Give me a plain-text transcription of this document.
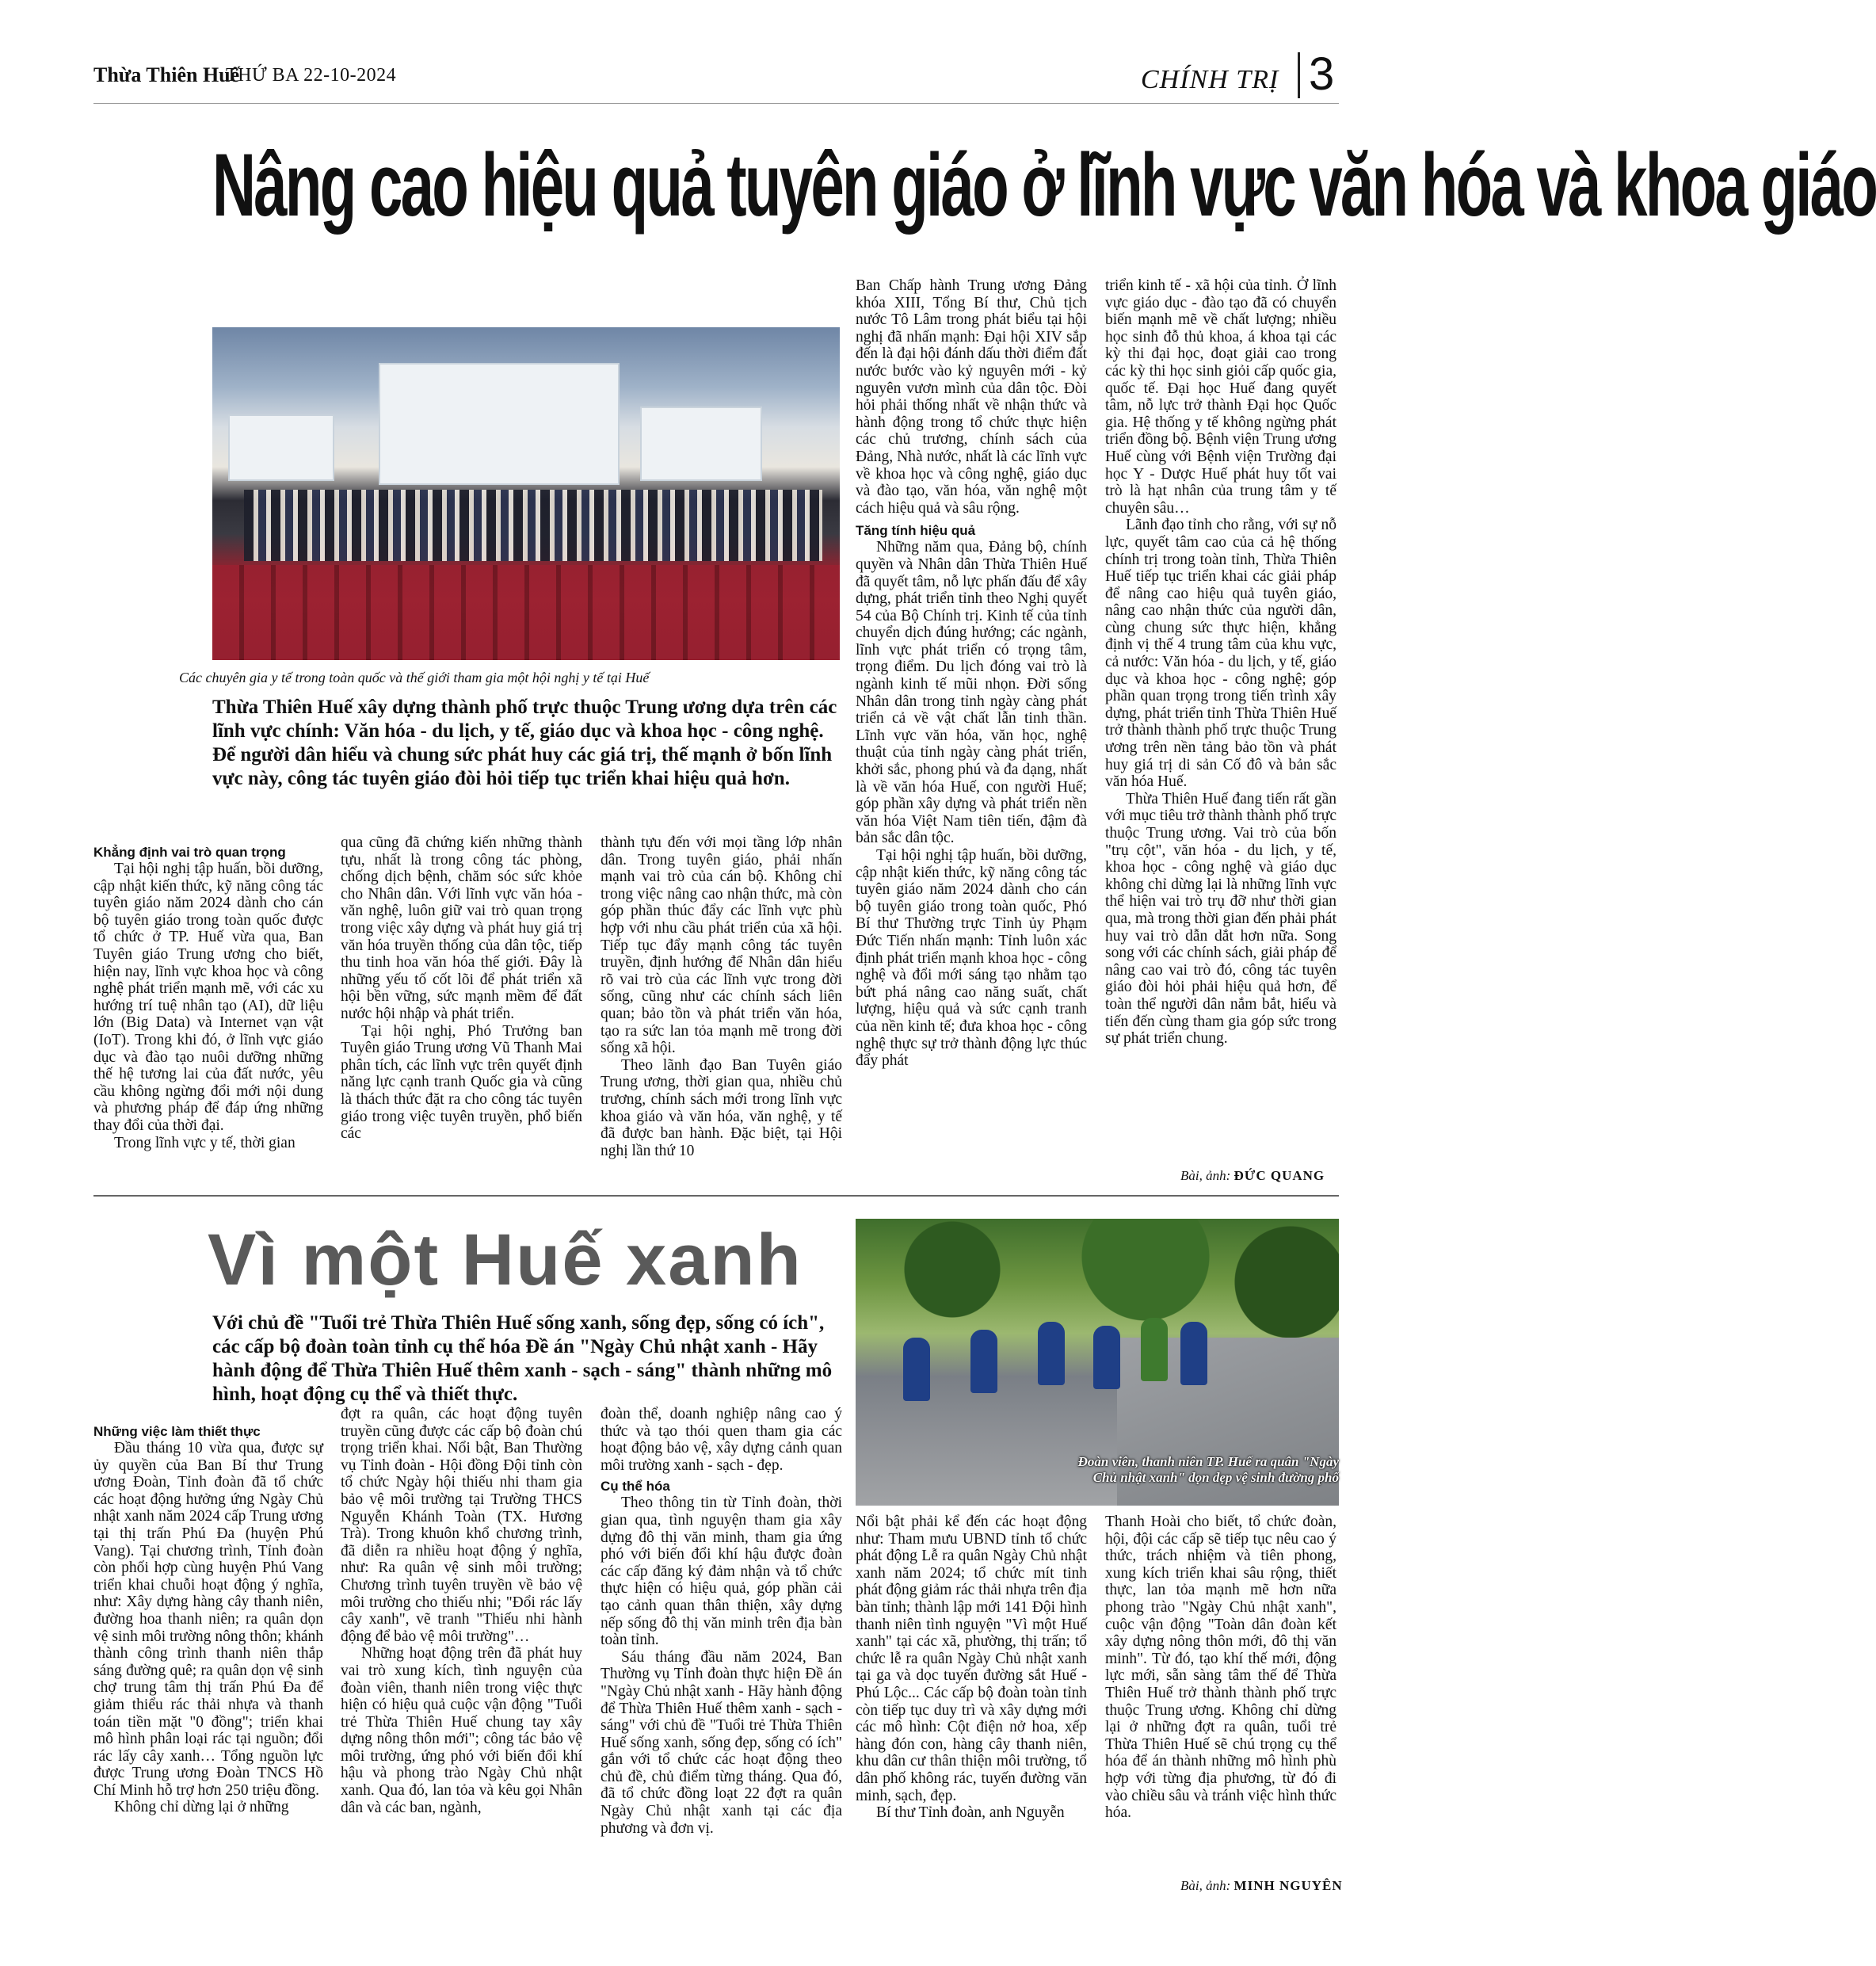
Thừa Thiên Huế
THỨ BA 22-10-2024	CHÍNH TRỊ 3
Nâng cao hiệu quả tuyên giáo ở lĩnh vực văn hóa và khoa giáo
Các chuyên gia y tế trong toàn quốc và thế giới tham gia một hội nghị y tế tại Huế
Thừa Thiên Huế xây dựng thành phố trực thuộc Trung ương dựa trên các lĩnh vực chính: Văn hóa - du lịch, y tế, giáo dục và khoa học - công nghệ. Để người dân hiểu và chung sức phát huy các giá trị, thế mạnh ở bốn lĩnh vực này, công tác tuyên giáo đòi hỏi tiếp tục triển khai hiệu quả hơn.
Khẳng định vai trò quan trọng

Tại hội nghị tập huấn, bồi dưỡng, cập nhật kiến thức, kỹ năng công tác tuyên giáo năm 2024 dành cho cán bộ tuyên giáo trong toàn quốc được tổ chức ở TP. Huế vừa qua, Ban Tuyên giáo Trung ương cho biết, hiện nay, lĩnh vực khoa học và công nghệ phát triển mạnh mẽ, với các xu hướng trí tuệ nhân tạo (AI), dữ liệu lớn (Big Data) và Internet vạn vật (IoT). Trong khi đó, ở lĩnh vực giáo dục và đào tạo nuôi dưỡng những thế hệ tương lai của đất nước, yêu cầu không ngừng đổi mới nội dung và phương pháp để đáp ứng những thay đổi của thời đại.

Trong lĩnh vực y tế, thời gian

qua cũng đã chứng kiến những thành tựu, nhất là trong công tác phòng, chống dịch bệnh, chăm sóc sức khỏe cho Nhân dân. Với lĩnh vực văn hóa - văn nghệ, luôn giữ vai trò quan trọng trong việc xây dựng và phát huy giá trị văn hóa truyền thống của dân tộc, tiếp thu tinh hoa văn hóa thế giới. Đây là những yếu tố cốt lõi để phát triển xã hội bền vững, sức mạnh mềm để đất nước hội nhập và phát triển.

Tại hội nghị, Phó Trưởng ban Tuyên giáo Trung ương Vũ Thanh Mai phân tích, các lĩnh vực trên quyết định năng lực cạnh tranh Quốc gia và cũng là thách thức đặt ra cho công tác tuyên giáo trong việc tuyên truyền, phổ biến các

thành tựu đến với mọi tầng lớp nhân dân. Trong tuyên giáo, phải nhấn mạnh vai trò của cán bộ. Không chỉ trong việc nâng cao nhận thức, mà còn góp phần thúc đẩy các lĩnh vực phù hợp với nhu cầu phát triển của xã hội. Tiếp tục đẩy mạnh công tác tuyên truyền, định hướng để Nhân dân hiểu rõ vai trò của các lĩnh vực trong đời sống, cũng như các chính sách liên quan; bảo tồn và phát triển văn hóa, tạo ra sức lan tỏa mạnh mẽ trong đời sống xã hội.

Theo lãnh đạo Ban Tuyên giáo Trung ương, thời gian qua, nhiều chủ trương, chính sách mới trong lĩnh vực khoa giáo và văn hóa, văn nghệ, y tế đã được ban hành. Đặc biệt, tại Hội nghị lần thứ 10

Ban Chấp hành Trung ương Đảng khóa XIII, Tổng Bí thư, Chủ tịch nước Tô Lâm trong phát biểu tại hội nghị đã nhấn mạnh: Đại hội XIV sắp đến là đại hội đánh dấu thời điểm đất nước bước vào kỷ nguyên mới - kỷ nguyên vươn mình của dân tộc. Đòi hỏi phải thống nhất về nhận thức và hành động trong tổ chức thực hiện các chủ trương, chính sách của Đảng, Nhà nước, nhất là các lĩnh vực về khoa học và công nghệ, giáo dục và đào tạo, văn hóa, văn nghệ một cách hiệu quả và sâu rộng.

Tăng tính hiệu quả

Những năm qua, Đảng bộ, chính quyền và Nhân dân Thừa Thiên Huế đã quyết tâm, nỗ lực phấn đấu để xây dựng, phát triển tỉnh theo Nghị quyết 54 của Bộ Chính trị. Kinh tế của tỉnh chuyển dịch đúng hướng; các ngành, lĩnh vực phát triển có trọng tâm, trọng điểm. Du lịch đóng vai trò là ngành kinh tế mũi nhọn. Đời sống Nhân dân trong tỉnh ngày càng phát triển cả về vật chất lẫn tinh thần. Lĩnh vực văn hóa, văn học, nghệ thuật của tỉnh ngày càng phát triển, khởi sắc, phong phú và đa dạng, nhất là về văn hóa Huế, con người Huế; góp phần xây dựng và phát triển nền văn hóa Việt Nam tiên tiến, đậm đà bản sắc dân tộc.

Tại hội nghị tập huấn, bồi dưỡng, cập nhật kiến thức, kỹ năng công tác tuyên giáo năm 2024 dành cho cán bộ tuyên giáo trong toàn quốc, Phó Bí thư Thường trực Tỉnh ủy Phạm Đức Tiến nhấn mạnh: Tỉnh luôn xác định phát triển mạnh khoa học - công nghệ và đổi mới sáng tạo nhằm tạo bứt phá nâng cao năng suất, chất lượng, hiệu quả và sức cạnh tranh của nền kinh tế; đưa khoa học - công nghệ thực sự trở thành động lực thúc đẩy phát

triển kinh tế - xã hội của tỉnh. Ở lĩnh vực giáo dục - đào tạo đã có chuyển biến mạnh mẽ về chất lượng; nhiều học sinh đỗ thủ khoa, á khoa tại các kỳ thi đại học, đoạt giải cao trong các kỳ thi học sinh giỏi cấp quốc gia, quốc tế. Đại học Huế đang quyết tâm, nỗ lực trở thành Đại học Quốc gia. Hệ thống y tế không ngừng phát triển đồng bộ. Bệnh viện Trung ương Huế cùng với Bệnh viện Trường đại học Y - Dược Huế phát huy tốt vai trò là hạt nhân của trung tâm y tế chuyên sâu…

Lãnh đạo tỉnh cho rằng, với sự nỗ lực, quyết tâm cao của cả hệ thống chính trị trong toàn tỉnh, Thừa Thiên Huế tiếp tục triển khai các giải pháp để nâng cao hiệu quả tuyên giáo, nâng cao nhận thức của người dân, cùng chung sức thực hiện, khẳng định vị thế 4 trung tâm của khu vực, cả nước: Văn hóa - du lịch, y tế, giáo dục và khoa học - công nghệ; góp phần quan trọng trong tiến trình xây dựng, phát triển tỉnh Thừa Thiên Huế trở thành thành phố trực thuộc Trung ương trên nền tảng bảo tồn và phát huy giá trị di sản Cố đô và bản sắc văn hóa Huế.

Thừa Thiên Huế đang tiến rất gần với mục tiêu trở thành thành phố trực thuộc Trung ương. Vai trò của bốn "trụ cột", văn hóa - du lịch, y tế, khoa học - công nghệ và giáo dục không chỉ dừng lại là những lĩnh vực thể hiện vai trò trụ đỡ như thời gian qua, mà trong thời gian đến phải phát huy vai trò dẫn dắt hơn nữa. Song song với các chính sách, giải pháp để nâng cao vai trò đó, công tác tuyên giáo đòi hỏi phải hiệu quả hơn, để toàn thể người dân nắm bắt, hiểu và tiến đến cùng tham gia góp sức trong sự phát triển chung.

Bài, ảnh: ĐỨC QUANG
Vì một Huế xanh
Với chủ đề "Tuổi trẻ Thừa Thiên Huế sống xanh, sống đẹp, sống có ích", các cấp bộ đoàn toàn tỉnh cụ thể hóa Đề án "Ngày Chủ nhật xanh - Hãy hành động để Thừa Thiên Huế thêm xanh - sạch - sáng" thành những mô hình, hoạt động cụ thể và thiết thực.
Đoàn viên, thanh niên TP. Huế ra quân "Ngày Chủ nhật xanh" dọn dẹp vệ sinh đường phố
Những việc làm thiết thực

Đầu tháng 10 vừa qua, được sự ủy quyền của Ban Bí thư Trung ương Đoàn, Tỉnh đoàn đã tổ chức các hoạt động hưởng ứng Ngày Chủ nhật xanh năm 2024 cấp Trung ương tại thị trấn Phú Đa (huyện Phú Vang). Tại chương trình, Tỉnh đoàn còn phối hợp cùng huyện Phú Vang triển khai chuỗi hoạt động ý nghĩa, như: Xây dựng hàng cây thanh niên, đường hoa thanh niên; ra quân dọn vệ sinh môi trường nông thôn; khánh thành công trình thanh niên thắp sáng đường quê; ra quân dọn vệ sinh chợ trung tâm thị trấn Phú Đa để giảm thiểu rác thải nhựa và thanh toán tiền mặt "0 đồng"; triển khai mô hình phân loại rác tại nguồn; đổi rác lấy cây xanh… Tổng nguồn lực được Trung ương Đoàn TNCS Hồ Chí Minh hỗ trợ hơn 250 triệu đồng.

Không chỉ dừng lại ở những

đợt ra quân, các hoạt động tuyên truyền cũng được các cấp bộ đoàn chú trọng triển khai. Nổi bật, Ban Thường vụ Tỉnh đoàn - Hội đồng Đội tỉnh còn tổ chức Ngày hội thiếu nhi tham gia bảo vệ môi trường tại Trường THCS Nguyễn Khánh Toàn (TX. Hương Trà). Trong khuôn khổ chương trình, đã diễn ra nhiều hoạt động ý nghĩa, như: Ra quân vệ sinh môi trường; Chương trình tuyên truyền về bảo vệ môi trường cho thiếu nhi; "Đổi rác lấy cây xanh", vẽ tranh "Thiếu nhi hành động để bảo vệ môi trường"…

Những hoạt động trên đã phát huy vai trò xung kích, tình nguyện của đoàn viên, thanh niên trong việc thực hiện có hiệu quả cuộc vận động "Tuổi trẻ Thừa Thiên Huế chung tay xây dựng nông thôn mới"; công tác bảo vệ môi trường, ứng phó với biến đổi khí hậu và phong trào Ngày Chủ nhật xanh. Qua đó, lan tỏa và kêu gọi Nhân dân và các ban, ngành,

đoàn thể, doanh nghiệp nâng cao ý thức và tạo thói quen tham gia các hoạt động bảo vệ, xây dựng cảnh quan môi trường xanh - sạch - đẹp.

Cụ thể hóa

Theo thông tin từ Tỉnh đoàn, thời gian qua, tình nguyện tham gia xây dựng đô thị văn minh, tham gia ứng phó với biến đổi khí hậu được đoàn các cấp đăng ký đảm nhận và tổ chức thực hiện có hiệu quả, góp phần cải tạo cảnh quan thân thiện, xây dựng nếp sống đô thị văn minh trên địa bàn toàn tỉnh.

Sáu tháng đầu năm 2024, Ban Thường vụ Tỉnh đoàn thực hiện Đề án "Ngày Chủ nhật xanh - Hãy hành động để Thừa Thiên Huế thêm xanh - sạch - sáng" với chủ đề "Tuổi trẻ Thừa Thiên Huế sống xanh, sống đẹp, sống có ích" gắn với tổ chức các hoạt động theo chủ đề, chủ điểm từng tháng. Qua đó, đã tổ chức đồng loạt 22 đợt ra quân Ngày Chủ nhật xanh tại các địa phương và đơn vị.

Nổi bật phải kể đến các hoạt động như: Tham mưu UBND tỉnh tổ chức phát động Lễ ra quân Ngày Chủ nhật xanh năm 2024; tổ chức mít tinh phát động giảm rác thải nhựa trên địa bàn tỉnh; thành lập mới 141 Đội hình thanh niên tình nguyện "Vì một Huế xanh" tại các xã, phường, thị trấn; tổ chức lễ ra quân Ngày Chủ nhật xanh tại ga và dọc tuyến đường sắt Huế - Phú Lộc... Các cấp bộ đoàn toàn tỉnh còn tiếp tục duy trì và xây dựng mới các mô hình: Cột điện nở hoa, xếp hàng đón con, hàng cây thanh niên, khu dân cư thân thiện môi trường, tổ dân phố không rác, tuyến đường văn minh, sạch, đẹp.

Bí thư Tỉnh đoàn, anh Nguyễn

Thanh Hoài cho biết, tổ chức đoàn, hội, đội các cấp sẽ tiếp tục nêu cao ý thức, trách nhiệm và tiên phong, xung kích triển khai sâu rộng, thiết thực, lan tỏa mạnh mẽ hơn nữa phong trào "Ngày Chủ nhật xanh", cuộc vận động "Toàn dân đoàn kết xây dựng nông thôn mới, đô thị văn minh". Từ đó, tạo khí thế mới, động lực mới, sẵn sàng tâm thế để Thừa Thiên Huế trở thành thành phố trực thuộc Trung ương. Không chỉ dừng lại ở những đợt ra quân, tuổi trẻ Thừa Thiên Huế sẽ chú trọng cụ thể hóa để án thành những mô hình phù hợp với từng địa phương, từ đó đi vào chiều sâu và tránh việc hình thức hóa.

Bài, ảnh: MINH NGUYÊN
